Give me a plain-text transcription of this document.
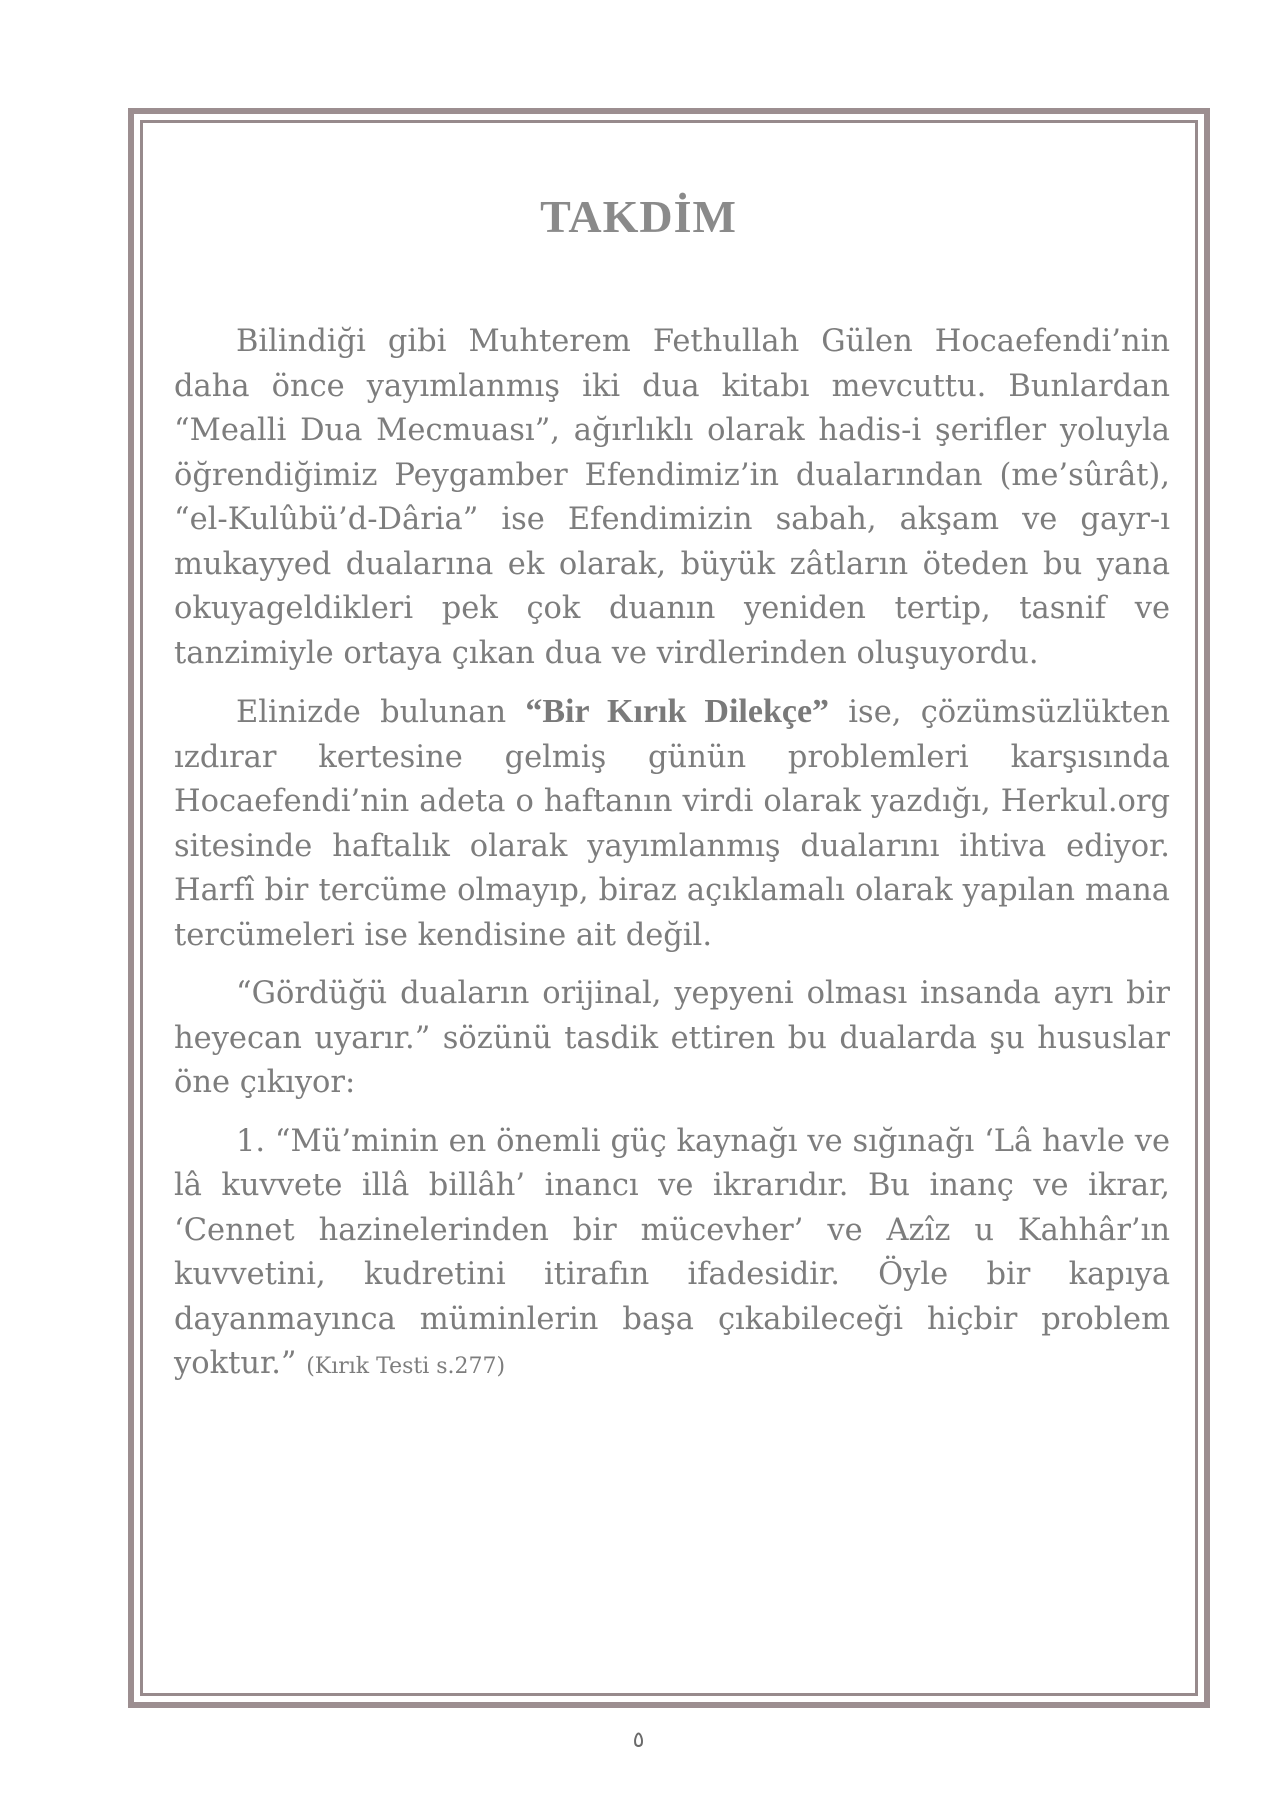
TAKDİM

Bilindiği gibi Muhterem Fethullah Gülen Hocaefendi’nin daha önce yayımlanmış iki dua kitabı mevcuttu. Bunlardan “Mealli Dua Mecmuası”, ağırlıklı olarak hadis-i şerifler yoluyla öğrendiğimiz Peygamber Efendimiz’in dualarından (me’sûrât), “el-Kulûbü’d-Dâria” ise Efendimizin sabah, akşam ve gayr-ı mukayyed dualarına ek olarak, büyük zâtların öteden bu yana okuyageldikleri pek çok duanın yeniden tertip, tasnif ve tanzimiyle ortaya çıkan dua ve virdlerinden oluşuyordu.

Elinizde bulunan “Bir Kırık Dilekçe” ise, çözümsüzlükten ızdırar kertesine gelmiş günün problemleri karşısında Hocaefendi’nin adeta o haftanın virdi olarak yazdığı, Herkul.org sitesinde haftalık olarak yayımlanmış dualarını ihtiva ediyor. Harfî bir tercüme olmayıp, biraz açıklamalı olarak yapılan mana tercümeleri ise kendisine ait değil.

“Gördüğü duaların orijinal, yepyeni olması insanda ayrı bir heyecan uyarır.” sözünü tasdik ettiren bu dualarda şu hususlar öne çıkıyor:

1. “Mü’minin en önemli güç kaynağı ve sığınağı ‘Lâ havle ve lâ kuvvete illâ billâh’ inancı ve ikrarıdır. Bu inanç ve ikrar, ‘Cennet hazinelerinden bir mücevher’ ve Azîz u Kahhâr’ın kuvvetini, kudretini itirafın ifadesidir. Öyle bir kapıya dayanmayınca müminlerin başa çıkabileceği hiçbir problem yoktur.” (Kırık Testi s.277)

٥
